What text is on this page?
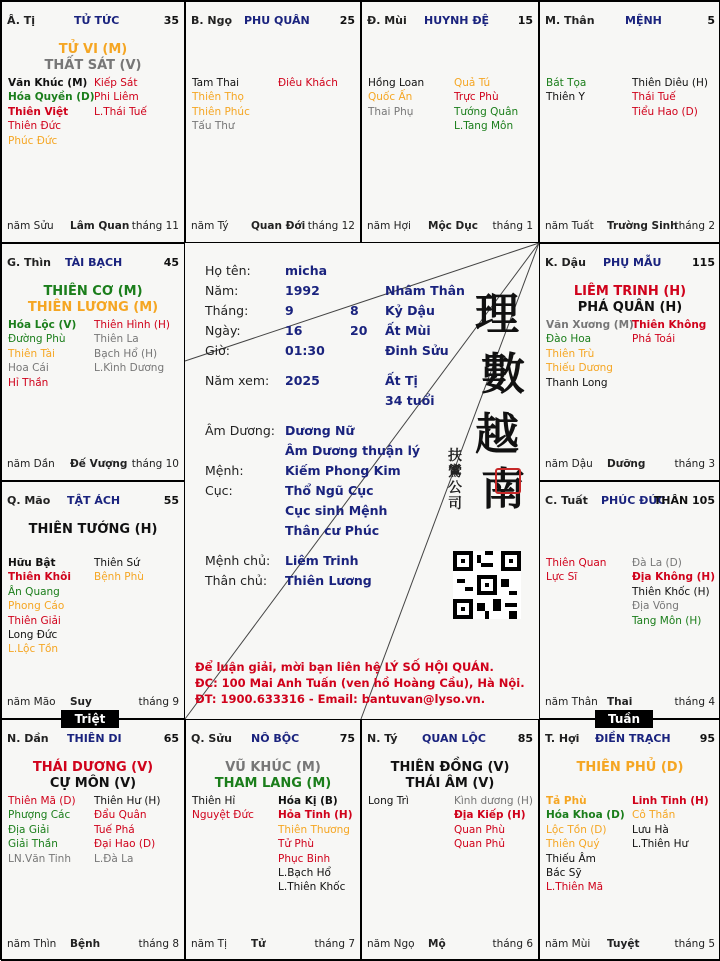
Â. Tị	TỬ TỨC	35
TỬ VI (M)
THẤT SÁT (V)
Văn Khúc (M)
Hóa Quyền (D)
Thiên Việt
Thiên Đức
Phúc Đức
Kiếp Sát
Phi Liêm
L.Thái Tuế
năm Sửu Lâm Quan tháng 11
B. Ngọ PHU QUÂN	25
Tam Thai
Thiên Thọ
Thiên Phúc
Tấu Thư
Điêu Khách
năm Tý Quan Đới tháng 12
Đ. Mùi HUYNH ĐỆ	15
Hồng Loan
Quốc Ấn
Thai Phụ
Quả Tú
Trực Phù
Tướng Quân
L.Tang Môn
năm Hợi Mộc Dục tháng 1
M. Thân	MỆNH	5
Bát Tọa
Thiên Y
Thiên Diêu (H)
Thái Tuế
Tiểu Hao (D)
năm Tuất Trường Sinh
tháng 2
G. Thìn TÀI BẠCH	45
THIÊN CƠ (M)
THIÊN LƯƠNG (M)
Hóa Lộc (V)
Đường Phù
Thiên Tài
Hoa Cái
Hỉ Thần
Thiên Hình (H)
Thiên La
Bạch Hổ (H)
L.Kình Dương
năm Dần Đế Vượng tháng 10
K. Dậu PHỤ MẪU	115
LIÊM TRINH (H)
PHÁ QUÂN (H)
Văn Xương (M)
Đào Hoa
Thiên Trù
Thiếu Dương
Thanh Long
Thiên Không
Phá Toái
năm Dậu Dưỡng	tháng 3
Q. Mão TẬT ÁCH	55
THIÊN TƯỚNG (H)
Hữu Bật
Thiên Khôi
Ân Quang
Phong Cáo
Thiên Giải
Long Đức
L.Lộc Tồn
Thiên Sứ
Bệnh Phù
năm Mão Suy	tháng 9
C. Tuất PHÚC ĐỨC
THÂN 105
Thiên Quan
Lực Sĩ
Đà La (D)
Địa Không (H)
Thiên Khốc (H)
Địa Võng
Tang Môn (H)
năm Thân Thai	tháng 4
N. Dần THIÊN DI	65
THÁI DƯƠNG (V)
CỰ MÔN (V)
Thiên Mã (D)
Phượng Các
Địa Giải
Giải Thần
LN.Văn Tinh
Thiên Hư (H)
Đẩu Quân
Tuế Phá
Đại Hao (D)
L.Đà La
năm Thìn Bệnh	tháng 8
Q. Sửu NÔ BỘC	75
VŨ KHÚC (M)
THAM LANG (M)
Thiên Hỉ
Nguyệt Đức
Hóa Kị (B)
Hỏa Tinh (H)
Thiên Thương
Tử Phù
Phục Binh
L.Bạch Hổ
L.Thiên Khốc
năm Tị Tử	tháng 7
N. Tý QUAN LỘC	85
THIÊN ĐỒNG (V)
THÁI ÂM (V)
Long Trì	Kình dương (H)
Địa Kiếp (H)
Quan Phù
Quan Phủ
năm Ngọ Mộ	tháng 6
T. Hợi ĐIỀN TRẠCH	95
THIÊN PHỦ (D)
Tả Phù
Hóa Khoa (D)
Lộc Tồn (D)
Thiên Quý
Thiếu Âm
Bác Sỹ
L.Thiên Mã
Linh Tinh (H)
Cô Thần
Lưu Hà
L.Thiên Hư
năm Mùi Tuyệt	tháng 5
Họ tên:	micha
Năm:	1992	Nhâm Thân
Tháng:	9	8 Kỷ Dậu
Ngày:	16	20 Ất Mùi
Giờ:	01:30	Đinh Sửu
Năm xem: 2025	Ất Tị
34 tuổi
Âm Dương: Dương Nữ
Âm Dương thuận lý
Mệnh:	Kiếm Phong Kim
Cục:	Thổ Ngũ Cục
Cục sinh Mệnh
Thân cư Phúc
Mệnh chủ: Liêm Trinh
Thân chủ: Thiên Lương
理
數
越
南
扶
鸞
公
司
Để luận giải, mời bạn liên hệ LÝ SỐ HỘI QUÁN.
ĐC: 100 Mai Anh Tuấn (ven hồ Hoàng Cầu), Hà Nội.
ĐT: 1900.633316 - Email: bantuvan@lyso.vn.
Triệt	Tuần
